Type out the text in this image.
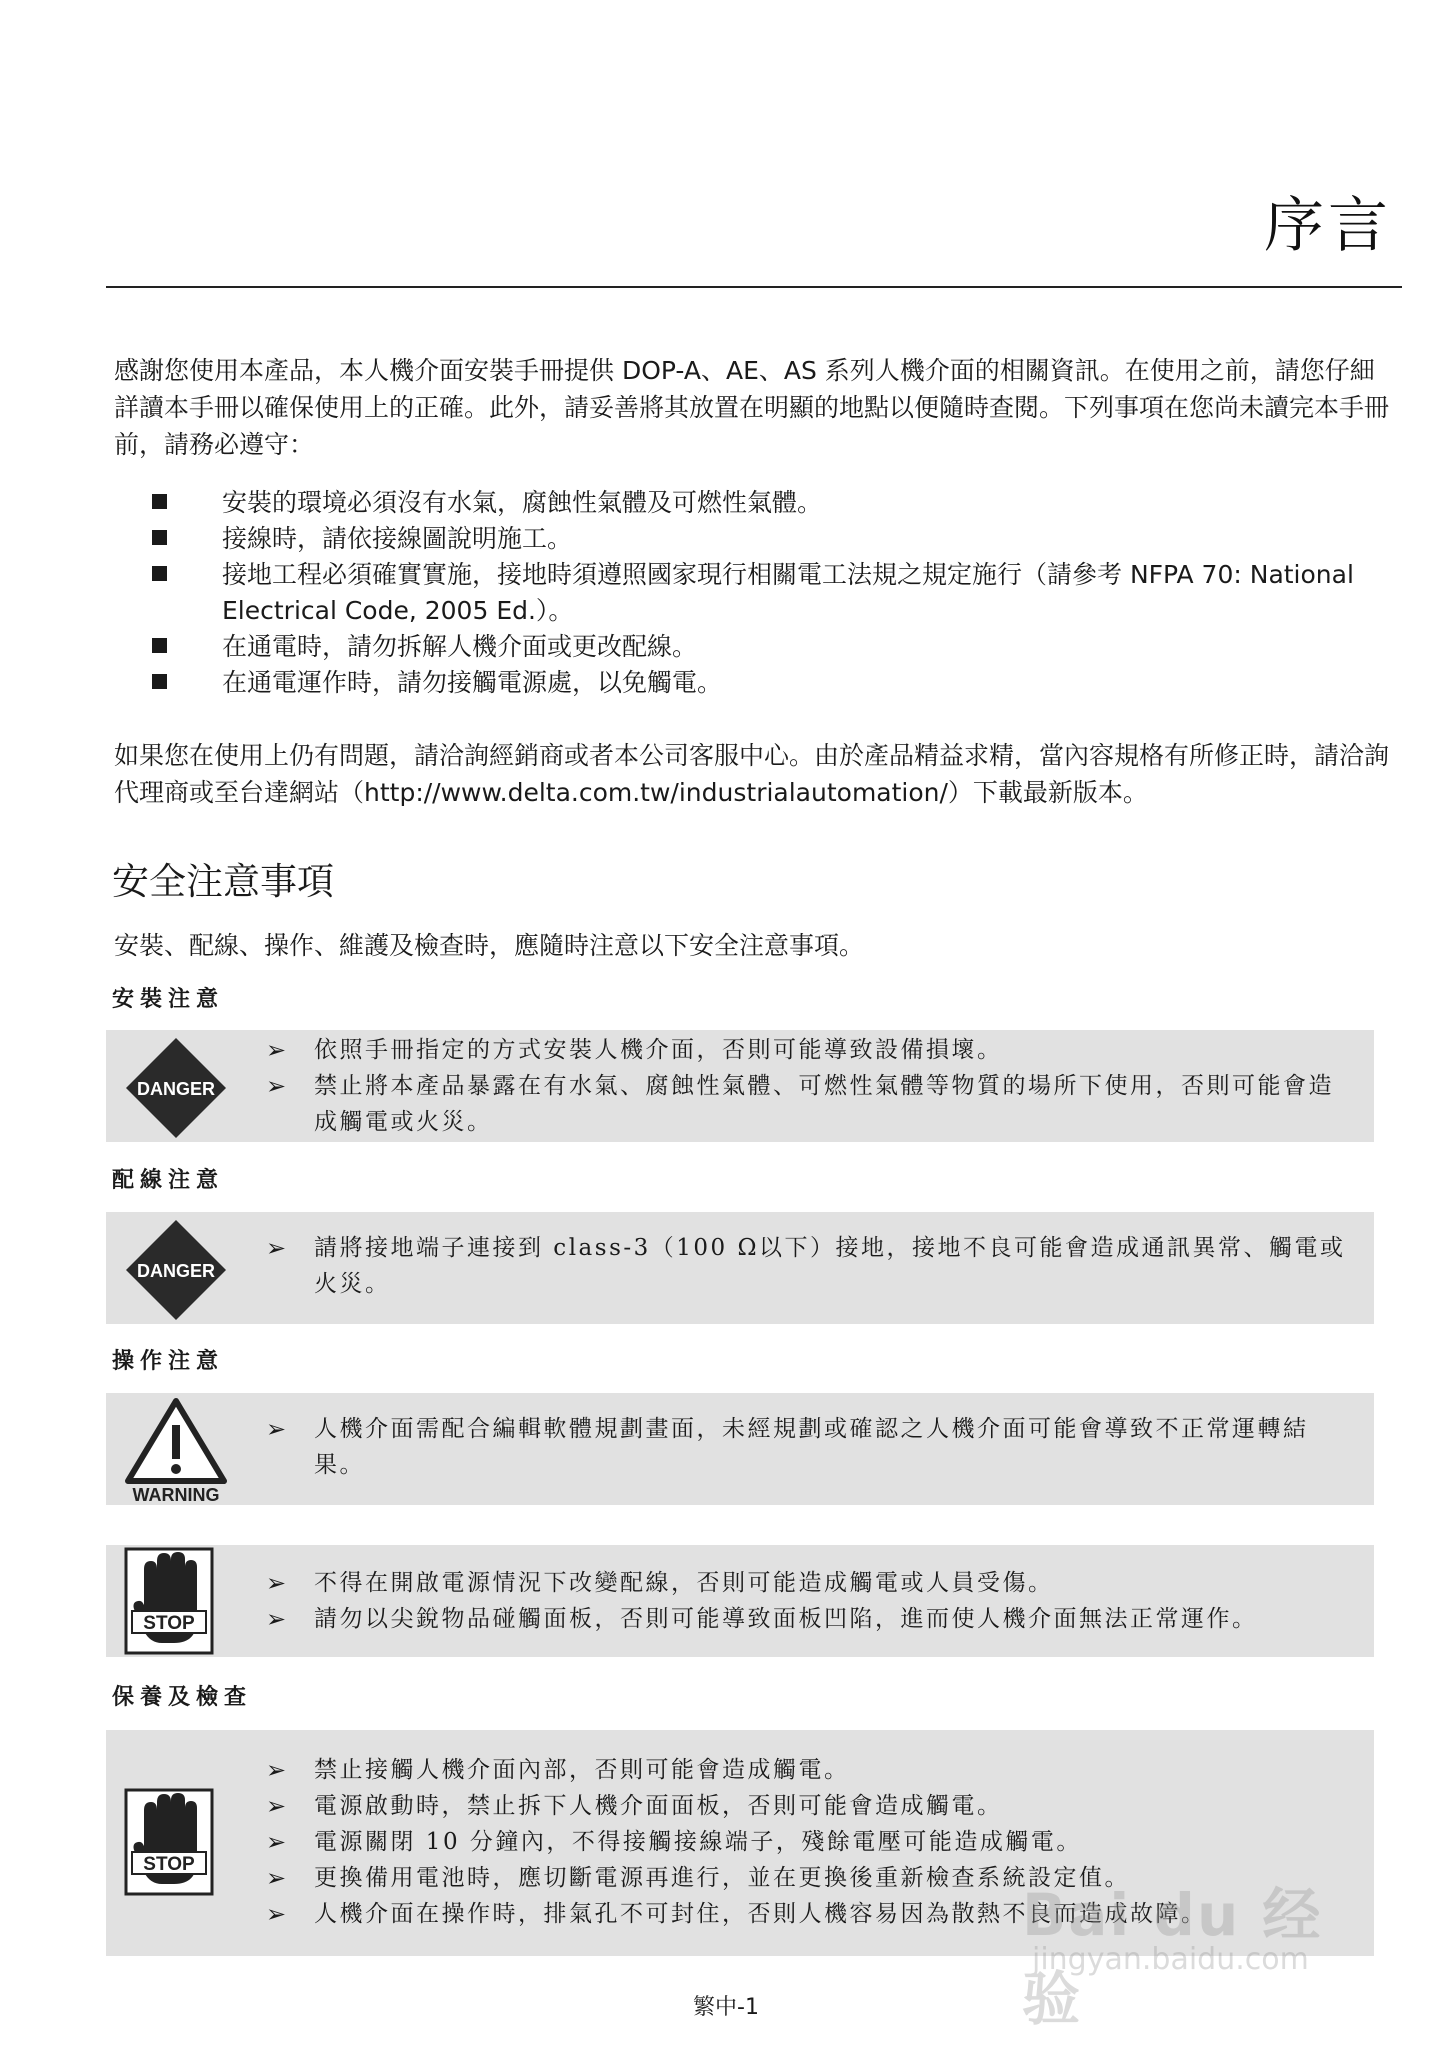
序言

感謝您使用本產品，本人機介面安裝手冊提供 DOP-A、AE、AS 系列人機介面的相關資訊。在使用之前，請您仔細詳讀本手冊以確保使用上的正確。此外，請妥善將其放置在明顯的地點以便隨時查閱。下列事項在您尚未讀完本手冊前，請務必遵守：

安裝的環境必須沒有水氣，腐蝕性氣體及可燃性氣體。
接線時，請依接線圖說明施工。
接地工程必須確實實施，接地時須遵照國家現行相關電工法規之規定施行（請參考 NFPA 70: National Electrical Code, 2005 Ed.）。
在通電時，請勿拆解人機介面或更改配線。
在通電運作時，請勿接觸電源處，以免觸電。

如果您在使用上仍有問題，請洽詢經銷商或者本公司客服中心。由於產品精益求精，當內容規格有所修正時，請洽詢代理商或至台達網站（http://www.delta.com.tw/industrialautomation/）下載最新版本。

安全注意事項

安裝、配線、操作、維護及檢查時，應隨時注意以下安全注意事項。

安裝注意
DANGER
➢ 依照手冊指定的方式安裝人機介面，否則可能導致設備損壞。
➢ 禁止將本產品暴露在有水氣、腐蝕性氣體、可燃性氣體等物質的場所下使用，否則可能會造成觸電或火災。
配線注意
DANGER
➢ 請將接地端子連接到 class-3（100 Ω以下）接地，接地不良可能會造成通訊異常、觸電或火災。
操作注意
WARNING
➢ 人機介面需配合編輯軟體規劃畫面，未經規劃或確認之人機介面可能會導致不正常運轉結果。
STOP
➢ 不得在開啟電源情況下改變配線，否則可能造成觸電或人員受傷。
➢ 請勿以尖銳物品碰觸面板，否則可能導致面板凹陷，進而使人機介面無法正常運作。
保養及檢查
STOP
➢ 禁止接觸人機介面內部，否則可能會造成觸電。
➢ 電源啟動時，禁止拆下人機介面面板，否則可能會造成觸電。
➢ 電源關閉 10 分鐘內，不得接觸接線端子，殘餘電壓可能造成觸電。
➢ 更換備用電池時，應切斷電源再進行，並在更換後重新檢查系統設定值。
➢ 人機介面在操作時，排氣孔不可封住，否則人機容易因為散熱不良而造成故障。

繁中-1

Bai du 经验
jingyan.baidu.com
